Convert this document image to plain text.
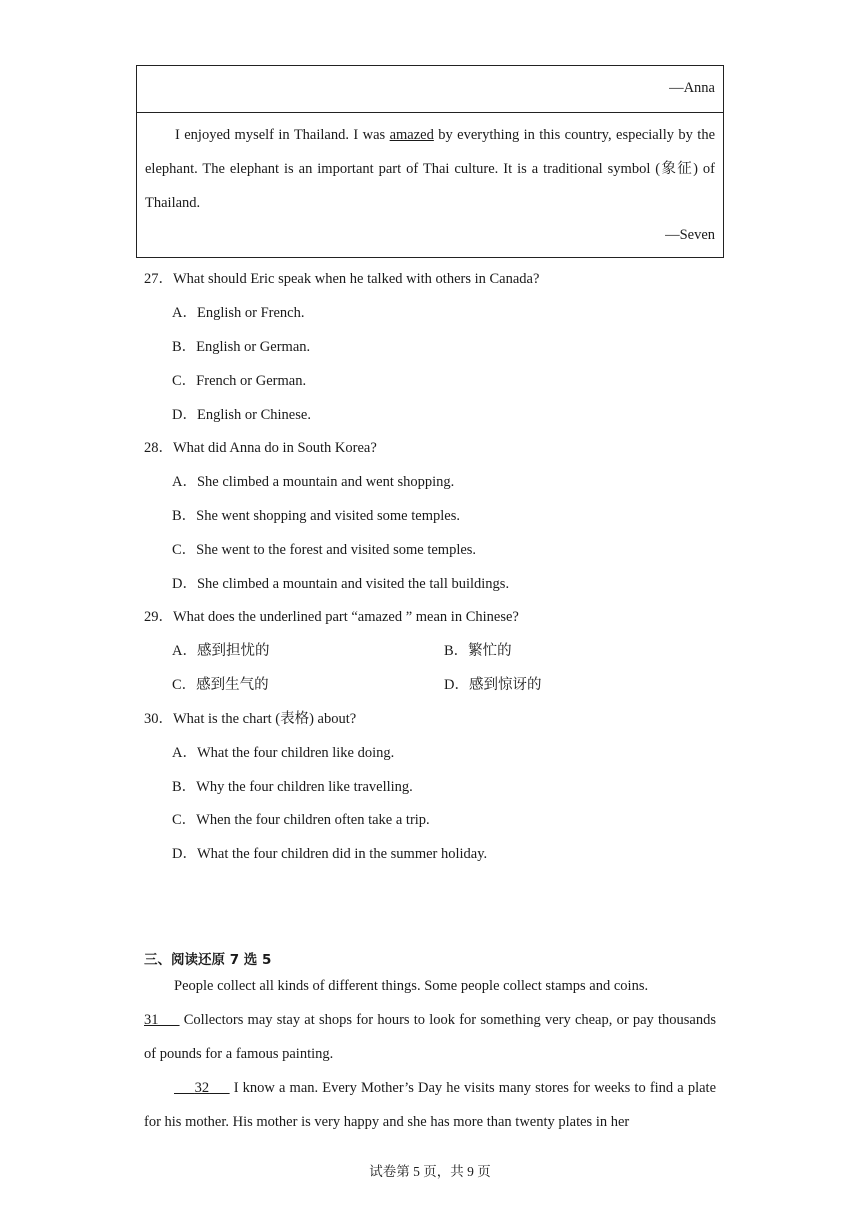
—Anna
I enjoyed myself in Thailand. I was amazed by everything in this country, especially by the elephant. The elephant is an important part of Thai culture. It is a traditional symbol (象征) of Thailand.
—Seven
27．What should Eric speak when he talked with others in Canada?
A．English or French.
B．English or German.
C．French or German.
D．English or Chinese.
28．What did Anna do in South Korea?
A．She climbed a mountain and went shopping.
B．She went shopping and visited some temples.
C．She went to the forest and visited some temples.
D．She climbed a mountain and visited the tall buildings.
29．What does the underlined part “amazed ” mean in Chinese?
A．感到担忧的	B．繁忙的
C．感到生气的	D．感到惊讶的
30．What is the chart (表格) about?
A．What the four children like doing.
B．Why the four children like travelling.
C．When the four children often take a trip.
D．What the four children did in the summer holiday.
三、阅读还原 7 选 5
People collect all kinds of different things. Some people collect stamps and coins.
31      Collectors may stay at shops for hours to look for something very cheap, or pay thousands of pounds for a famous painting.
32      I know a man. Every Mother’s Day he visits many stores for weeks to find a plate for his mother. His mother is very happy and she has more than twenty plates in her
试卷第 5 页，共 9 页
